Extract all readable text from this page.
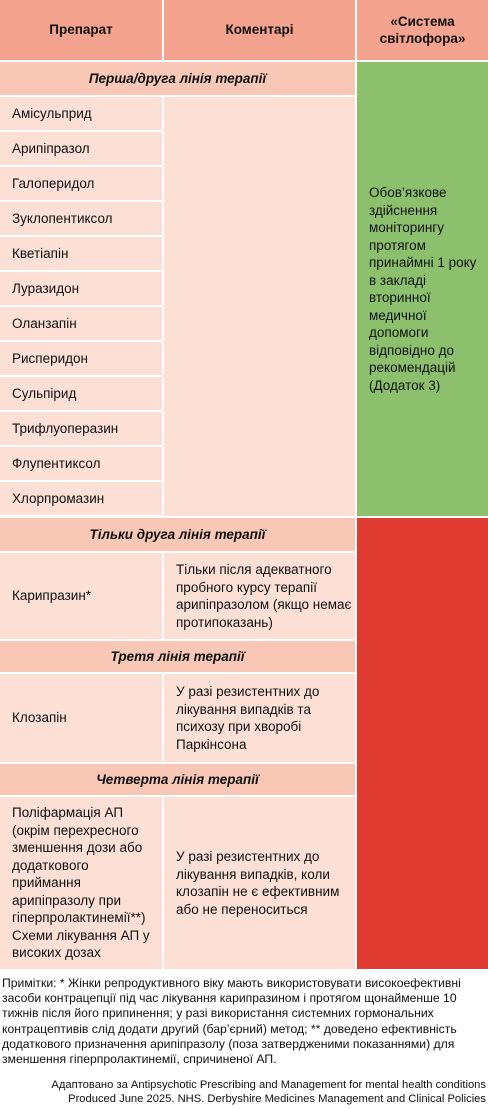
Препарат	Коментарі
«Система світлофора»
Перша/друга лінія терапії
Амісульприд
Арипіпразол
Галоперидол
Зуклопентиксол
Кветіапін
Луразидон
Оланзапін
Рисперидон
Сульпірид
Трифлуоперазин
Флупентиксол
Хлорпромазин
Обов’язкове здійснення моніторингу протягом принаймні 1 року в закладі вторинної медичної допомоги відповідно до рекомендацій (Додаток 3)
Тільки друга лінія терапії
Карипразин*
Тільки після адекватного пробного курсу терапії арипіпразолом (якщо немає протипоказань)
Третя лінія терапії
Клозапін
У разі резистентних до лікування випадків та психозу при хворобі Паркінсона
Четверта лінія терапії
Поліфармація АП (окрім перехресного зменшення дози або додаткового приймання арипіпразолу при гіперпролактинемії**) Схеми лікування АП у високих дозах
У разі резистентних до лікування випадків, коли клозапін не є ефективним або не переноситься
Примітки: * Жінки репродуктивного віку мають використовувати високоефективні засоби контрацепції під час лікування карипразином і протягом щонайменше 10 тижнів після його припинення; у разі використання системних гормональних контрацептивів слід додати другий (бар’єрний) метод; ** доведено ефективність додаткового призначення арипіпразолу (поза затвердженими показаннями) для зменшення гіперпролактинемії, спричиненої АП.
Адаптовано за Antipsychotic Prescribing and Management for mental health conditions
Produced June 2025. NHS. Derbyshire Medicines Management and Clinical Policies
